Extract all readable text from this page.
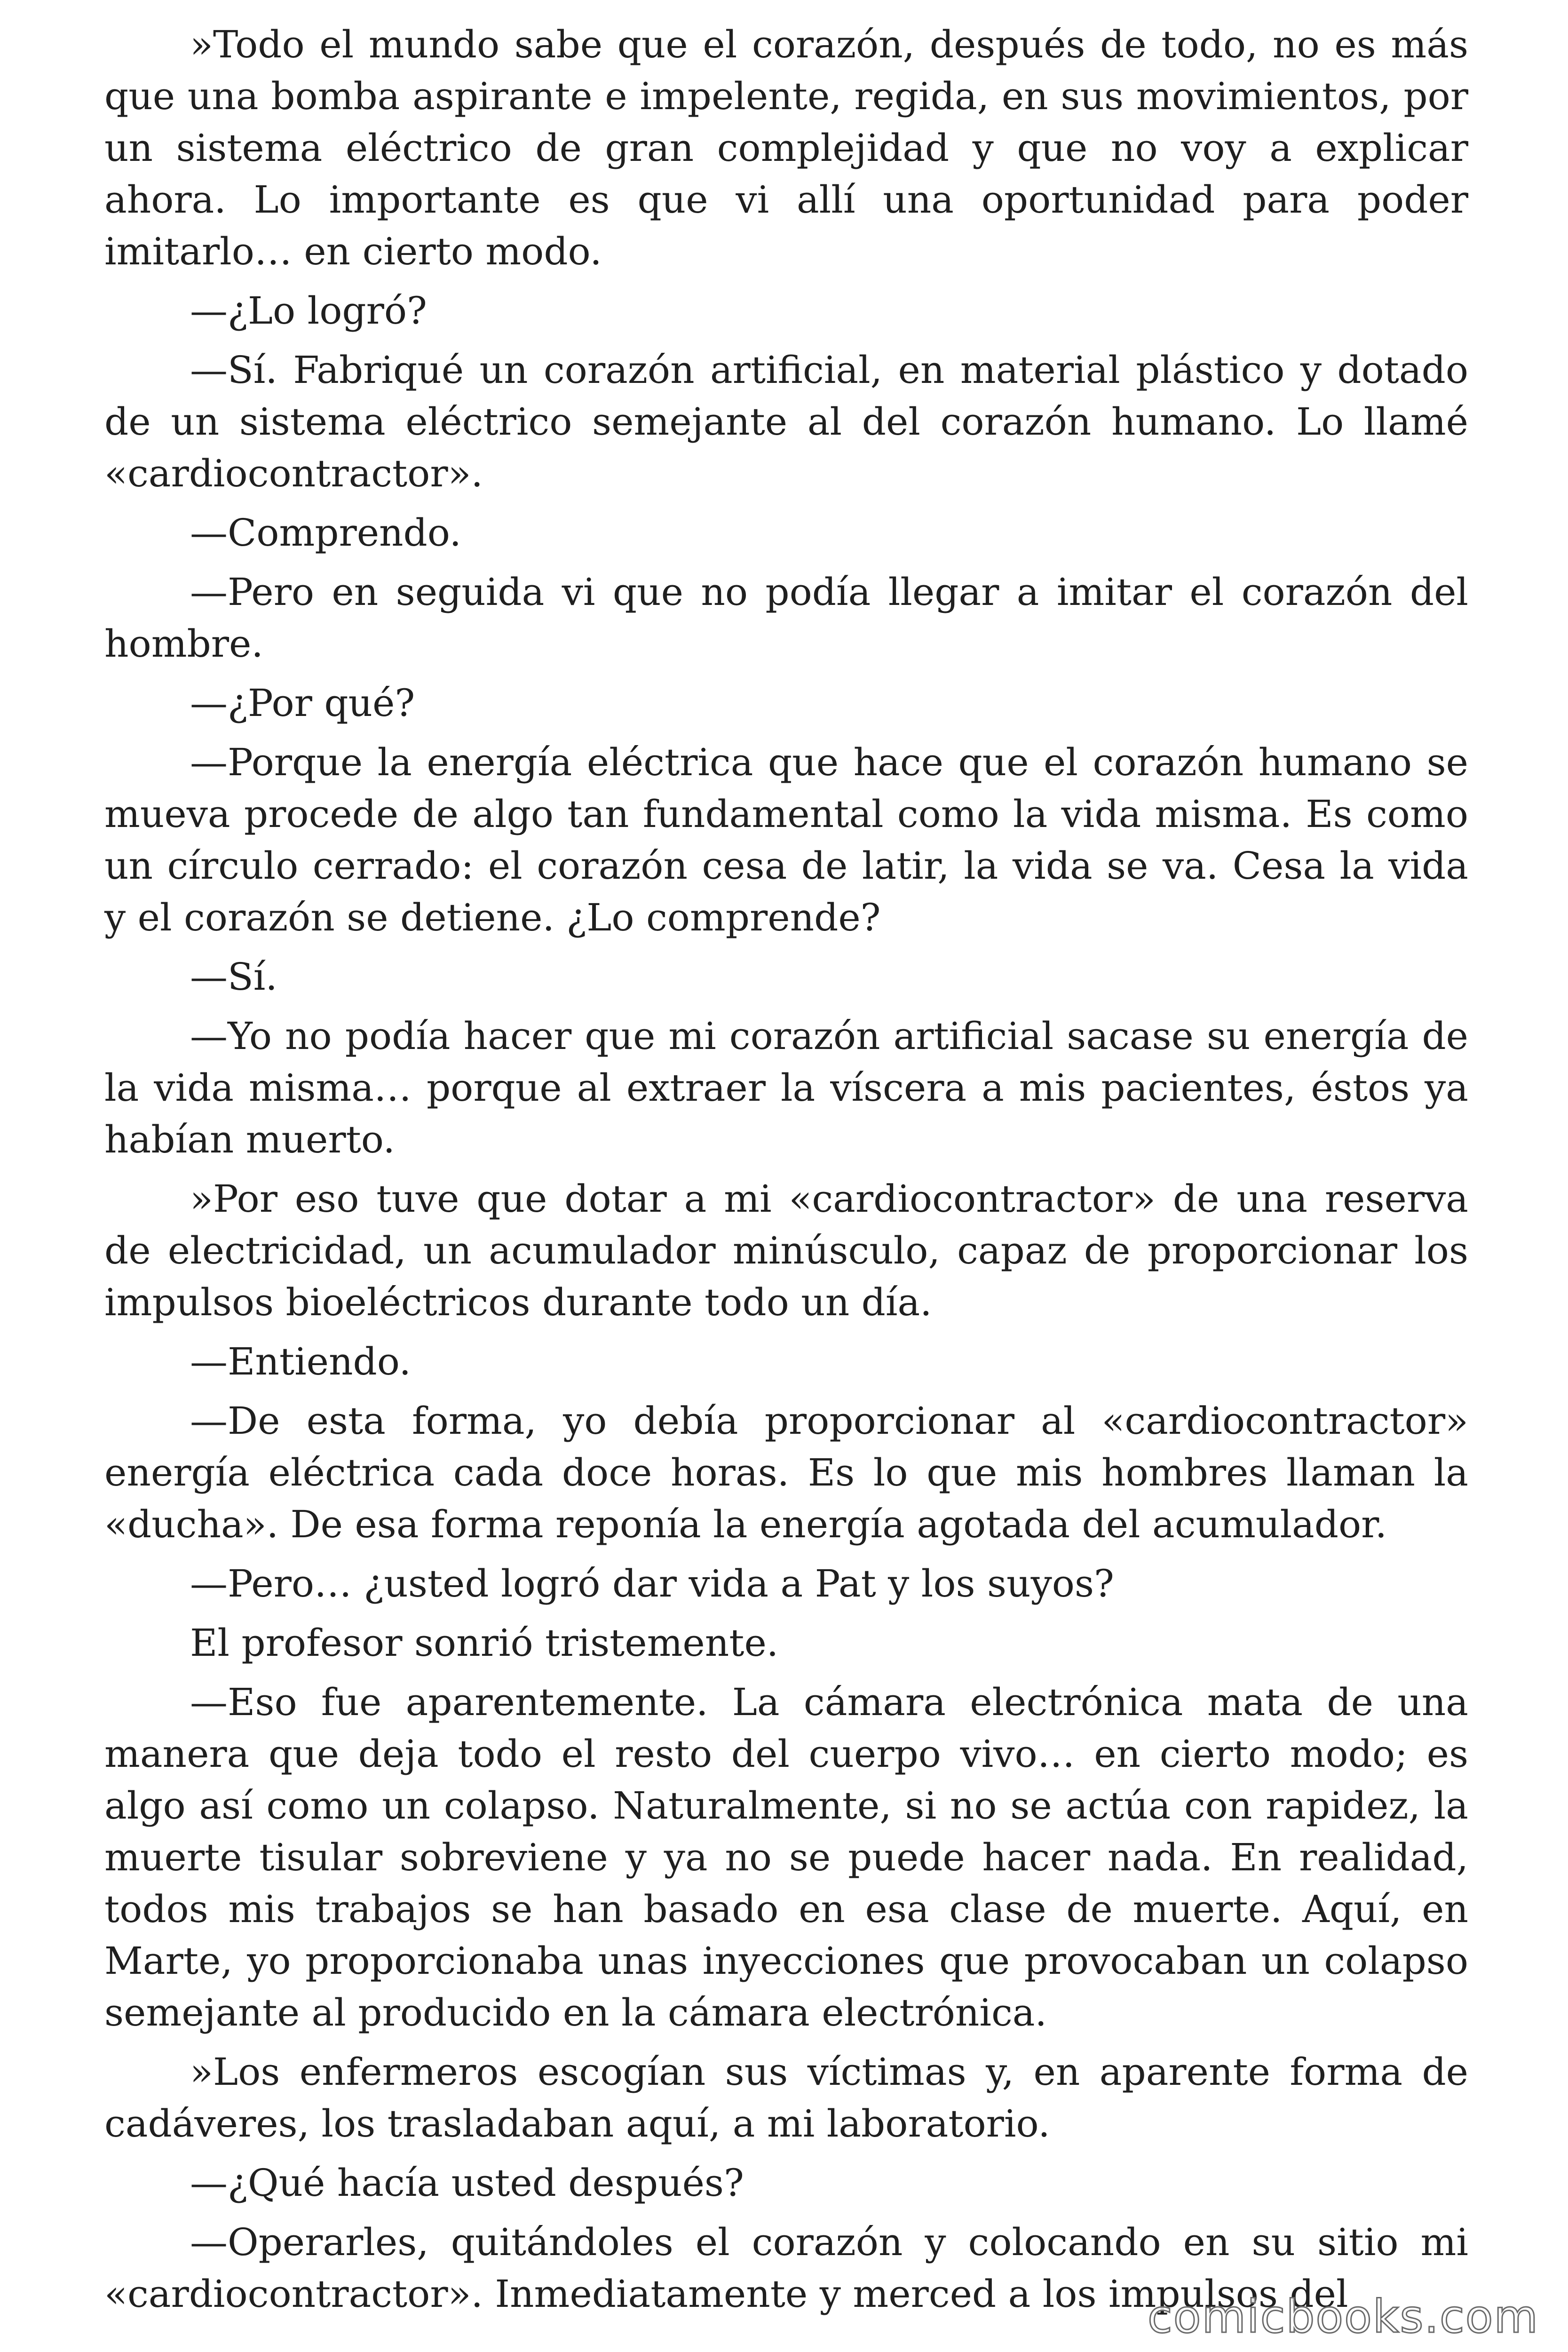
»Todo el mundo sabe que el corazón, después de todo, no es más que una bomba aspirante e impelente, regida, en sus movimientos, por un sistema eléctrico de gran complejidad y que no voy a explicar ahora. Lo importante es que vi allí una oportunidad para poder imitarlo… en cierto modo.

—¿Lo logró?

—Sí. Fabriqué un corazón artificial, en material plástico y dotado de un sistema eléctrico semejante al del corazón humano. Lo llamé «cardiocontractor».

—Comprendo.

—Pero en seguida vi que no podía llegar a imitar el corazón del hombre.

—¿Por qué?

—Porque la energía eléctrica que hace que el corazón humano se mueva procede de algo tan fundamental como la vida misma. Es como un círculo cerrado: el corazón cesa de latir, la vida se va. Cesa la vida y el corazón se detiene. ¿Lo comprende?

—Sí.

—Yo no podía hacer que mi corazón artificial sacase su energía de la vida misma… porque al extraer la víscera a mis pacientes, éstos ya habían muerto.

»Por eso tuve que dotar a mi «cardiocontractor» de una reserva de electricidad, un acumulador minúsculo, capaz de proporcionar los impulsos bioeléctricos durante todo un día.

—Entiendo.

—De esta forma, yo debía proporcionar al «cardiocontractor» energía eléctrica cada doce horas. Es lo que mis hombres llaman la «ducha». De esa forma reponía la energía agotada del acumulador.

—Pero… ¿usted logró dar vida a Pat y los suyos?

El profesor sonrió tristemente.

—Eso fue aparentemente. La cámara electrónica mata de una manera que deja todo el resto del cuerpo vivo… en cierto modo; es algo así como un colapso. Naturalmente, si no se actúa con rapidez, la muerte tisular sobreviene y ya no se puede hacer nada. En realidad, todos mis trabajos se han basado en esa clase de muerte. Aquí, en Marte, yo proporcionaba unas inyecciones que provocaban un colapso semejante al producido en la cámara electrónica.

»Los enfermeros escogían sus víctimas y, en aparente forma de cadáveres, los trasladaban aquí, a mi laboratorio.

—¿Qué hacía usted después?

—Operarles, quitándoles el corazón y colocando en su sitio mi «cardiocontractor». Inmediatamente y merced a los impulsos del

comicbooks.com
